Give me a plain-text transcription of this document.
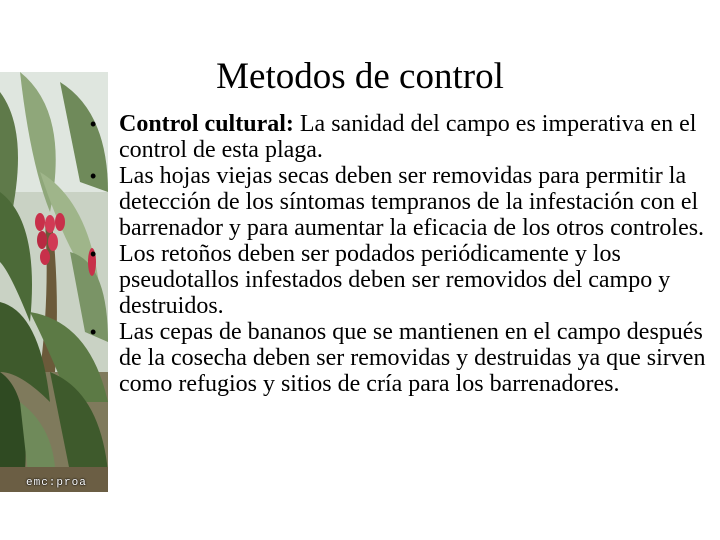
Metodos de control
emc:proa
• Control cultural: La sanidad del campo es imperativa en el control de esta plaga.
• Las hojas viejas secas deben ser removidas para permitir la detección de los síntomas tempranos de la infestación con el barrenador y para aumentar la eficacia de los otros controles.
• Los retoños deben ser podados periódicamente y los pseudotallos infestados deben ser removidos del campo y destruidos.
• Las cepas de bananos que se mantienen en el campo después de la cosecha deben ser removidas y destruidas ya que sirven como refugios y sitios de cría para los barrenadores.
